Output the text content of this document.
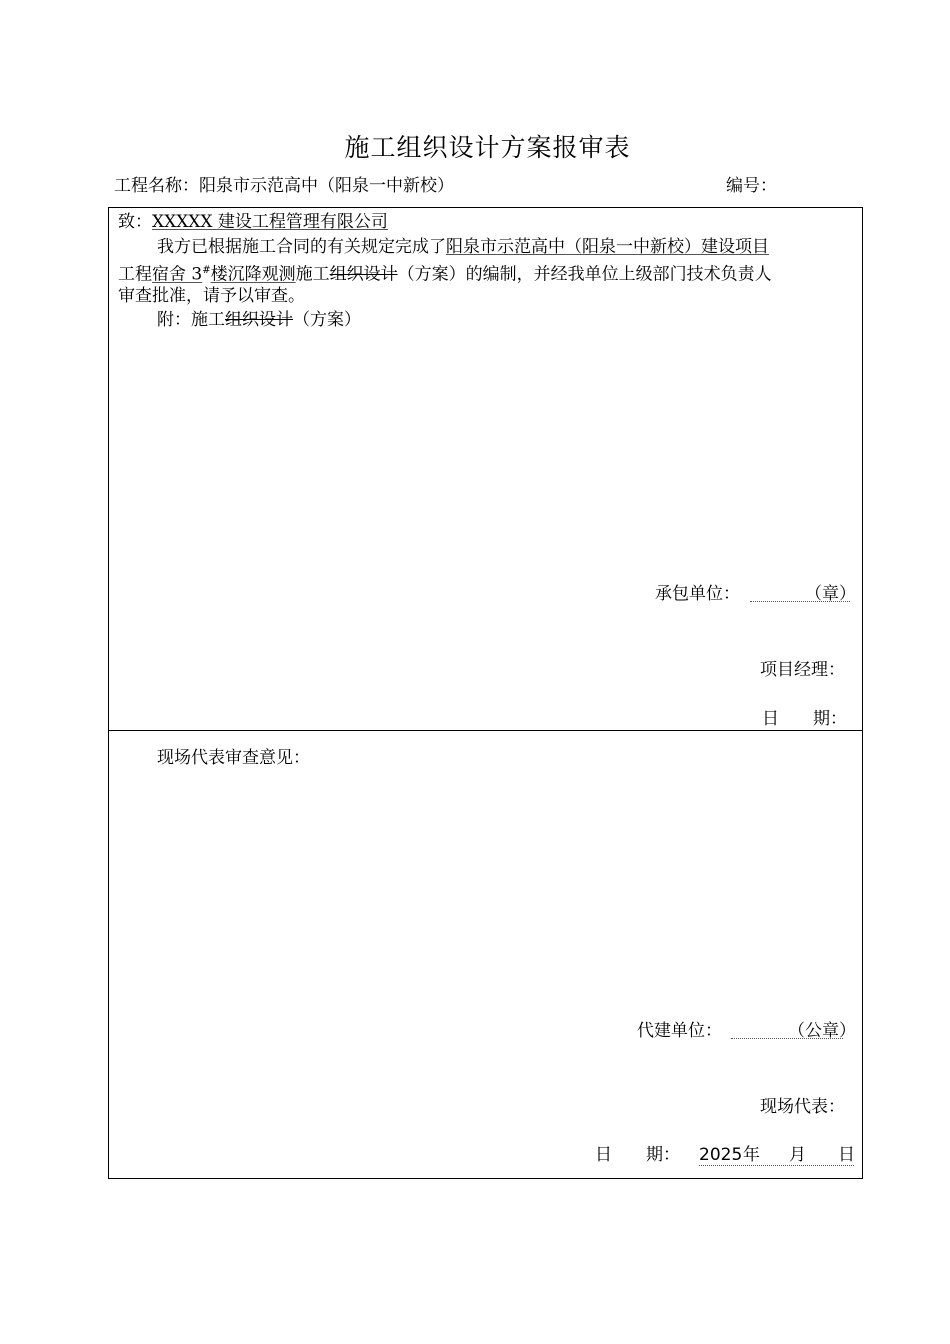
施工组织设计方案报审表
工程名称：阳泉市示范高中（阳泉一中新校）	编号：
致：XXXXX 建设工程管理有限公司
我方已根据施工合同的有关规定完成了阳泉市示范高中（阳泉一中新校）建设项目
工程宿舍 3#楼沉降观测施工组织设计（方案）的编制，并经我单位上级部门技术负责人
审查批准，请予以审查。
附：施工组织设计（方案）
承包单位：	（章）
项目经理：
日　　期：
现场代表审查意见：
代建单位：	（公章）
现场代表：
日　　期： 2025 年 月 日
